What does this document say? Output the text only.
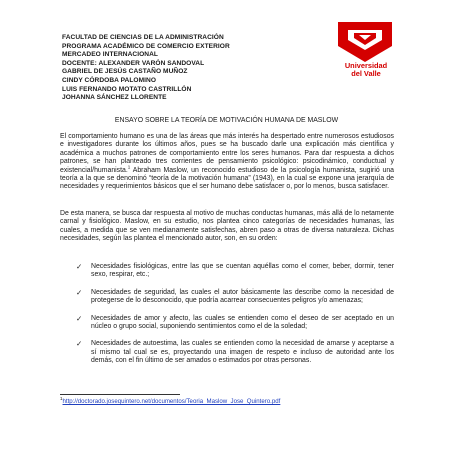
FACULTAD DE CIENCIAS DE LA ADMINISTRACIÓN
PROGRAMA ACADÉMICO DE COMERCIO EXTERIOR
MERCADEO INTERNACIONAL
DOCENTE: ALEXANDER VARÓN SANDOVAL
GABRIEL DE JESÚS CASTAÑO MUÑOZ
CINDY CÓRDOBA PALOMINO
LUIS FERNANDO MOTATO CASTRILLÓN
JOHANNA SÁNCHEZ LLORENTE
Universidad
del Valle
ENSAYO SOBRE LA TEORÍA DE MOTIVACIÓN HUMANA DE MASLOW
El comportamiento humano es una de las áreas que más interés ha despertado entre numerosos estudiosos e investigadores durante los últimos años, pues se ha buscado darle una explicación más científica y académica a muchos patrones de comportamiento entre los seres humanos. Para dar respuesta a dichos patrones, se han planteado tres corrientes de pensamiento psicológico: psicodinámico, conductual y existencial/humanista.$^1$ Abraham Maslow, un reconocido estudioso de la psicología humanista, sugirió una teoría a la que se denominó “teoría de la motivación humana” (1943), en la cual se expone una jerarquía de necesidades y requerimientos básicos que el ser humano debe satisfacer o, por lo menos, busca satisfacer.
De esta manera, se busca dar respuesta al motivo de muchas conductas humanas, más allá de lo netamente carnal y fisiológico. Maslow, en su estudio, nos plantea cinco categorías de necesidades humanas, las cuales, a medida que se ven medianamente satisfechas, abren paso a otras de diversa naturaleza. Dichas necesidades, según las plantea el mencionado autor, son, en su orden:
✓ Necesidades fisiológicas, entre las que se cuentan aquéllas como el comer, beber, dormir, tener sexo, respirar, etc.;
✓ Necesidades de seguridad, las cuales el autor básicamente las describe como la necesidad de protegerse de lo desconocido, que podría acarrear consecuentes peligros y/o amenazas;
✓ Necesidades de amor y afecto, las cuales se entienden como el deseo de ser aceptado en un núcleo o grupo social, suponiendo sentimientos como el de la soledad;
✓ Necesidades de autoestima, las cuales se entienden como la necesidad de amarse y aceptarse a sí mismo tal cual se es, proyectando una imagen de respeto e incluso de autoridad ante los demás, con el fin último de ser amados o estimados por otras personas.
$^1$http://doctorado.josequintero.net/documentos/Teoria_Maslow_Jose_Quintero.pdf
